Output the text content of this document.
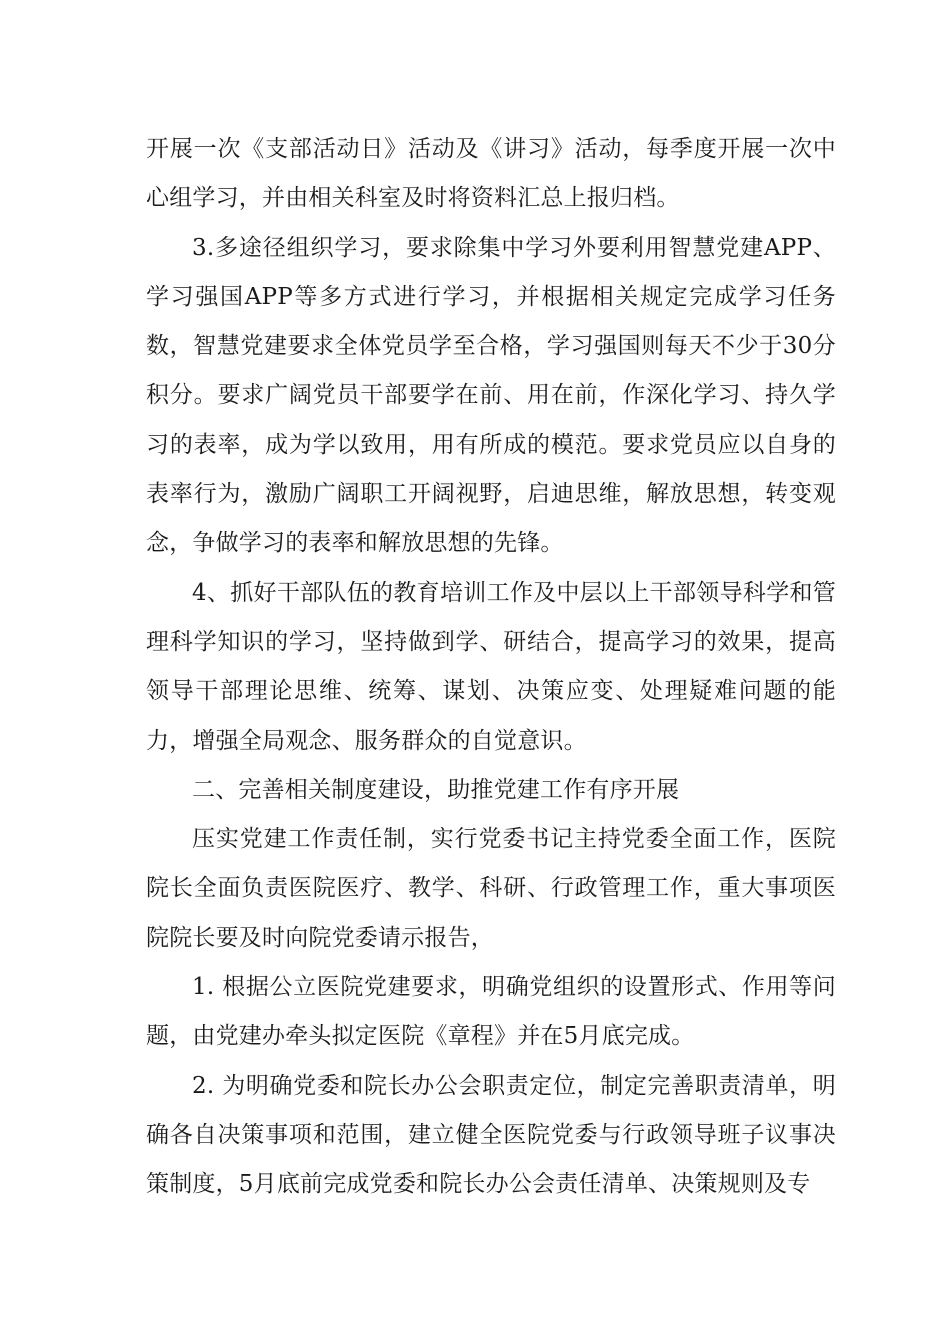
开展一次《支部活动日》活动及《讲习》活动，每季度开展一次中心组学习，并由相关科室及时将资料汇总上报归档。

3.多途径组织学习，要求除集中学习外要利用智慧党建APP、学习强国APP等多方式进行学习，并根据相关规定完成学习任务数，智慧党建要求全体党员学至合格，学习强国则每天不少于30分积分。要求广阔党员干部要学在前、用在前，作深化学习、持久学习的表率，成为学以致用，用有所成的模范。要求党员应以自身的表率行为，激励广阔职工开阔视野，启迪思维，解放思想，转变观念，争做学习的表率和解放思想的先锋。

4、抓好干部队伍的教育培训工作及中层以上干部领导科学和管理科学知识的学习，坚持做到学、研结合，提高学习的效果，提高领导干部理论思维、统筹、谋划、决策应变、处理疑难问题的能力，增强全局观念、服务群众的自觉意识。

二、完善相关制度建设，助推党建工作有序开展

压实党建工作责任制，实行党委书记主持党委全面工作，医院院长全面负责医院医疗、教学、科研、行政管理工作，重大事项医院院长要及时向院党委请示报告，

1. 根据公立医院党建要求，明确党组织的设置形式、作用等问题，由党建办牵头拟定医院《章程》并在5月底完成。

2. 为明确党委和院长办公会职责定位，制定完善职责清单，明确各自决策事项和范围，建立健全医院党委与行政领导班子议事决策制度，5月底前完成党委和院长办公会责任清单、决策规则及专
